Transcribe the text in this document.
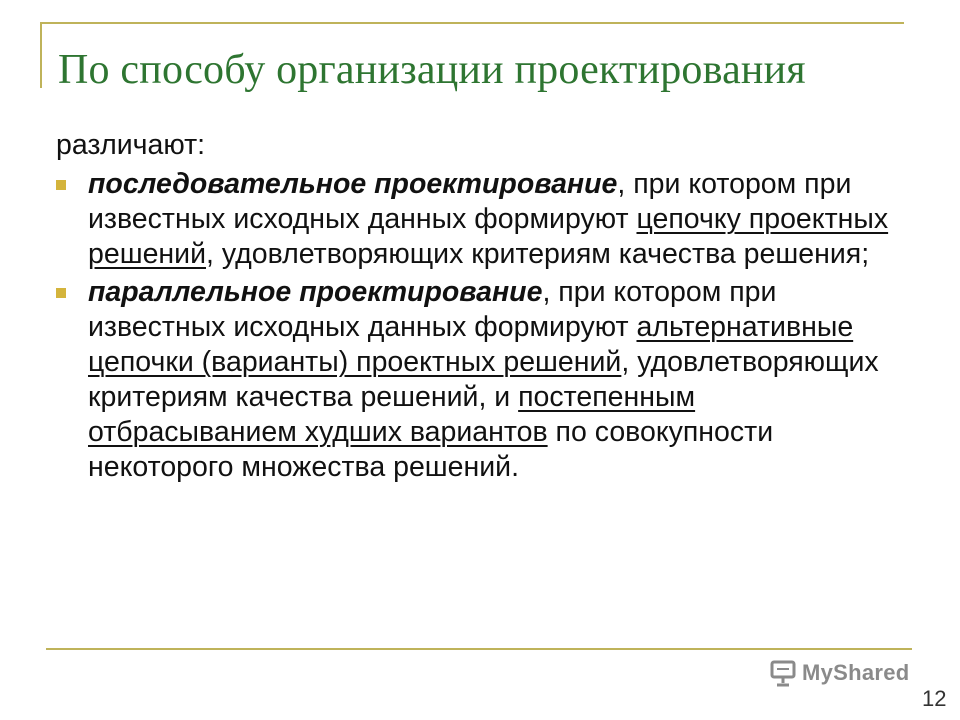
По способу организации проектирования

различают:

последовательное проектирование, при котором при известных исходных данных формируют цепочку проектных решений, удовлетворяющих критериям качества решения;
параллельное проектирование, при котором при известных исходных данных формируют альтернативные цепочки (варианты) проектных решений, удовлетворяющих критериям качества решений, и постепенным отбрасыванием худших вариантов по совокупности некоторого множества решений.
MyShared
12
